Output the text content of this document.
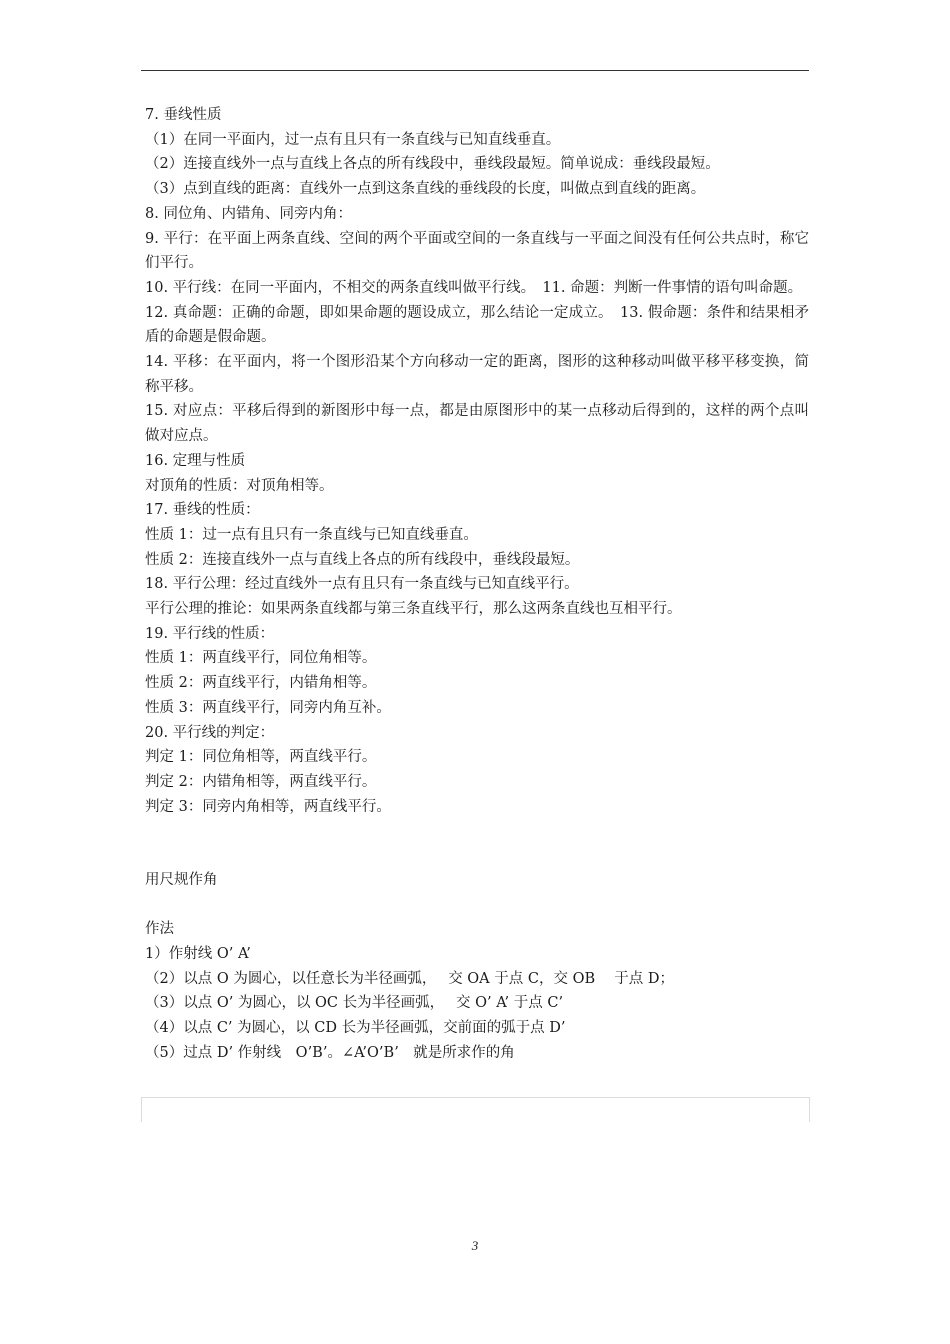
7. 垂线性质
（1）在同一平面内，过一点有且只有一条直线与已知直线垂直。
（2）连接直线外一点与直线上各点的所有线段中，垂线段最短。简单说成：垂线段最短。
（3）点到直线的距离：直线外一点到这条直线的垂线段的长度，叫做点到直线的距离。
8. 同位角、内错角、同旁内角：
9. 平行：在平面上两条直线、空间的两个平面或空间的一条直线与一平面之间没有任何公共点时，称它们平行。
10. 平行线：在同一平面内，不相交的两条直线叫做平行线。　11. 命题：判断一件事情的语句叫命题。
12. 真命题：正确的命题，即如果命题的题设成立，那么结论一定成立。　13. 假命题：条件和结果相矛盾的命题是假命题。
14. 平移：在平面内，将一个图形沿某个方向移动一定的距离，图形的这种移动叫做平移平移变换，简称平移。
15. 对应点：平移后得到的新图形中每一点，都是由原图形中的某一点移动后得到的，这样的两个点叫做对应点。
16. 定理与性质
对顶角的性质：对顶角相等。
17. 垂线的性质：
性质 1：过一点有且只有一条直线与已知直线垂直。
性质 2：连接直线外一点与直线上各点的所有线段中，垂线段最短。
18. 平行公理：经过直线外一点有且只有一条直线与已知直线平行。
平行公理的推论：如果两条直线都与第三条直线平行，那么这两条直线也互相平行。
19. 平行线的性质：
性质 1：两直线平行，同位角相等。
性质 2：两直线平行，内错角相等。
性质 3：两直线平行，同旁内角互补。
20. 平行线的判定：
判定 1：同位角相等，两直线平行。
判定 2：内错角相等，两直线平行。
判定 3：同旁内角相等，两直线平行。
用尺规作角
作法
1）作射线 O’ A’
（2）以点 O 为圆心，以任意长为半径画弧，　 交 OA 于点 C，交 OB　 于点 D；
（3）以点 O’ 为圆心，以 OC 长为半径画弧，　 交 O’ A’ 于点 C’
（4）以点 C’ 为圆心，以 CD 长为半径画弧，交前面的弧于点 D’
（5）过点 D’ 作射线　O’B’。∠A’O’B’　就是所求作的角
3
